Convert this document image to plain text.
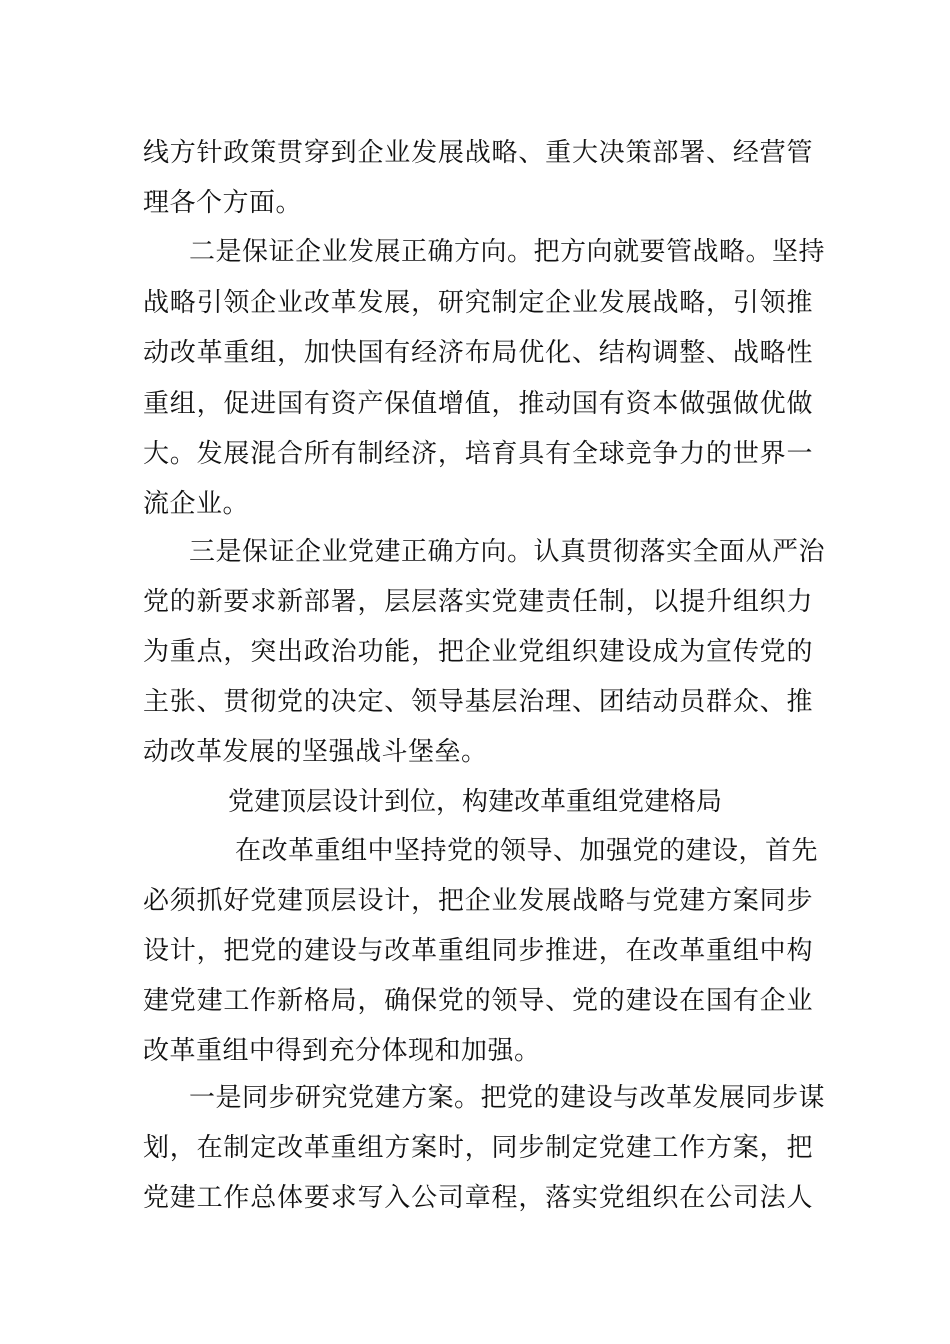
线方针政策贯穿到企业发展战略、重大决策部署、经营管
理各个方面。
二是保证企业发展正确方向。把方向就要管战略。坚持
战略引领企业改革发展，研究制定企业发展战略，引领推
动改革重组，加快国有经济布局优化、结构调整、战略性
重组，促进国有资产保值增值，推动国有资本做强做优做
大。发展混合所有制经济，培育具有全球竞争力的世界一
流企业。
三是保证企业党建正确方向。认真贯彻落实全面从严治
党的新要求新部署，层层落实党建责任制，以提升组织力
为重点，突出政治功能，把企业党组织建设成为宣传党的
主张、贯彻党的决定、领导基层治理、团结动员群众、推
动改革发展的坚强战斗堡垒。
党建顶层设计到位，构建改革重组党建格局
在改革重组中坚持党的领导、加强党的建设，首先
必须抓好党建顶层设计，把企业发展战略与党建方案同步
设计，把党的建设与改革重组同步推进，在改革重组中构
建党建工作新格局，确保党的领导、党的建设在国有企业
改革重组中得到充分体现和加强。
一是同步研究党建方案。把党的建设与改革发展同步谋
划，在制定改革重组方案时，同步制定党建工作方案，把
党建工作总体要求写入公司章程，落实党组织在公司法人
